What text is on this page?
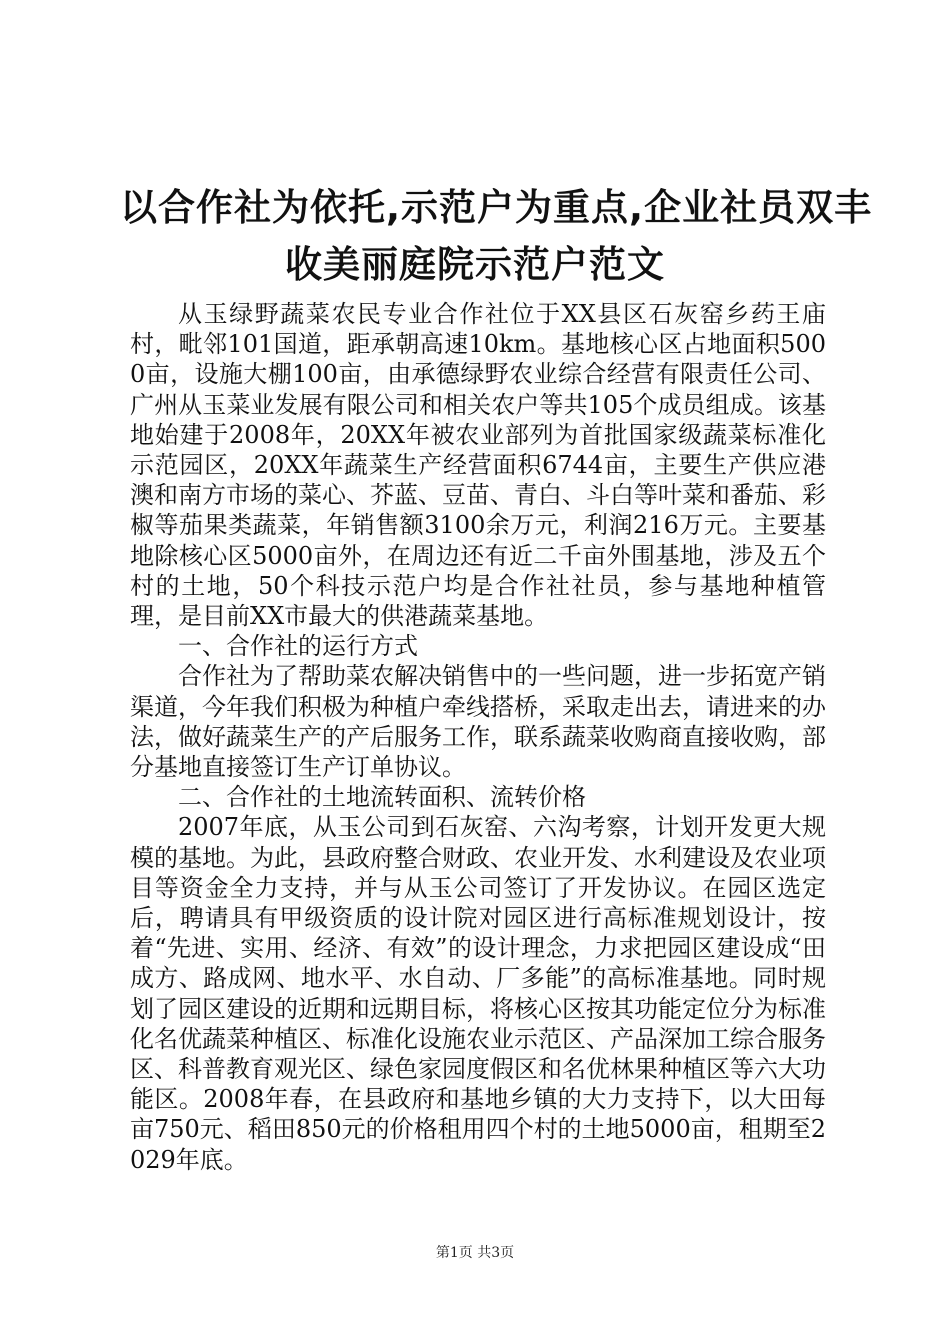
以合作社为依托,示范户为重点,企业社员双丰
收美丽庭院示范户范文

从玉绿野蔬菜农民专业合作社位于XX县区石灰窑乡药王庙村，毗邻101国道，距承朝高速10km。基地核心区占地面积5000亩，设施大棚100亩，由承德绿野农业综合经营有限责任公司、广州从玉菜业发展有限公司和相关农户等共105个成员组成。该基地始建于2008年，20XX年被农业部列为首批国家级蔬菜标准化示范园区，20XX年蔬菜生产经营面积6744亩，主要生产供应港澳和南方市场的菜心、芥蓝、豆苗、青白、斗白等叶菜和番茄、彩椒等茄果类蔬菜，年销售额3100余万元，利润216万元。主要基地除核心区5000亩外，在周边还有近二千亩外围基地，涉及五个村的土地，50个科技示范户均是合作社社员，参与基地种植管理，是目前XX市最大的供港蔬菜基地。

一、合作社的运行方式

合作社为了帮助菜农解决销售中的一些问题，进一步拓宽产销渠道，今年我们积极为种植户牵线搭桥，采取走出去，请进来的办法，做好蔬菜生产的产后服务工作，联系蔬菜收购商直接收购，部分基地直接签订生产订单协议。

二、合作社的土地流转面积、流转价格

2007年底，从玉公司到石灰窑、六沟考察，计划开发更大规模的基地。为此，县政府整合财政、农业开发、水利建设及农业项目等资金全力支持，并与从玉公司签订了开发协议。在园区选定后，聘请具有甲级资质的设计院对园区进行高标准规划设计，按着“先进、实用、经济、有效”的设计理念，力求把园区建设成“田成方、路成网、地水平、水自动、厂多能”的高标准基地。同时规划了园区建设的近期和远期目标，将核心区按其功能定位分为标准化名优蔬菜种植区、标准化设施农业示范区、产品深加工综合服务区、科普教育观光区、绿色家园度假区和名优林果种植区等六大功能区。2008年春，在县政府和基地乡镇的大力支持下，以大田每亩750元、稻田850元的价格租用四个村的土地5000亩，租期至2029年底。

第1页 共3页
